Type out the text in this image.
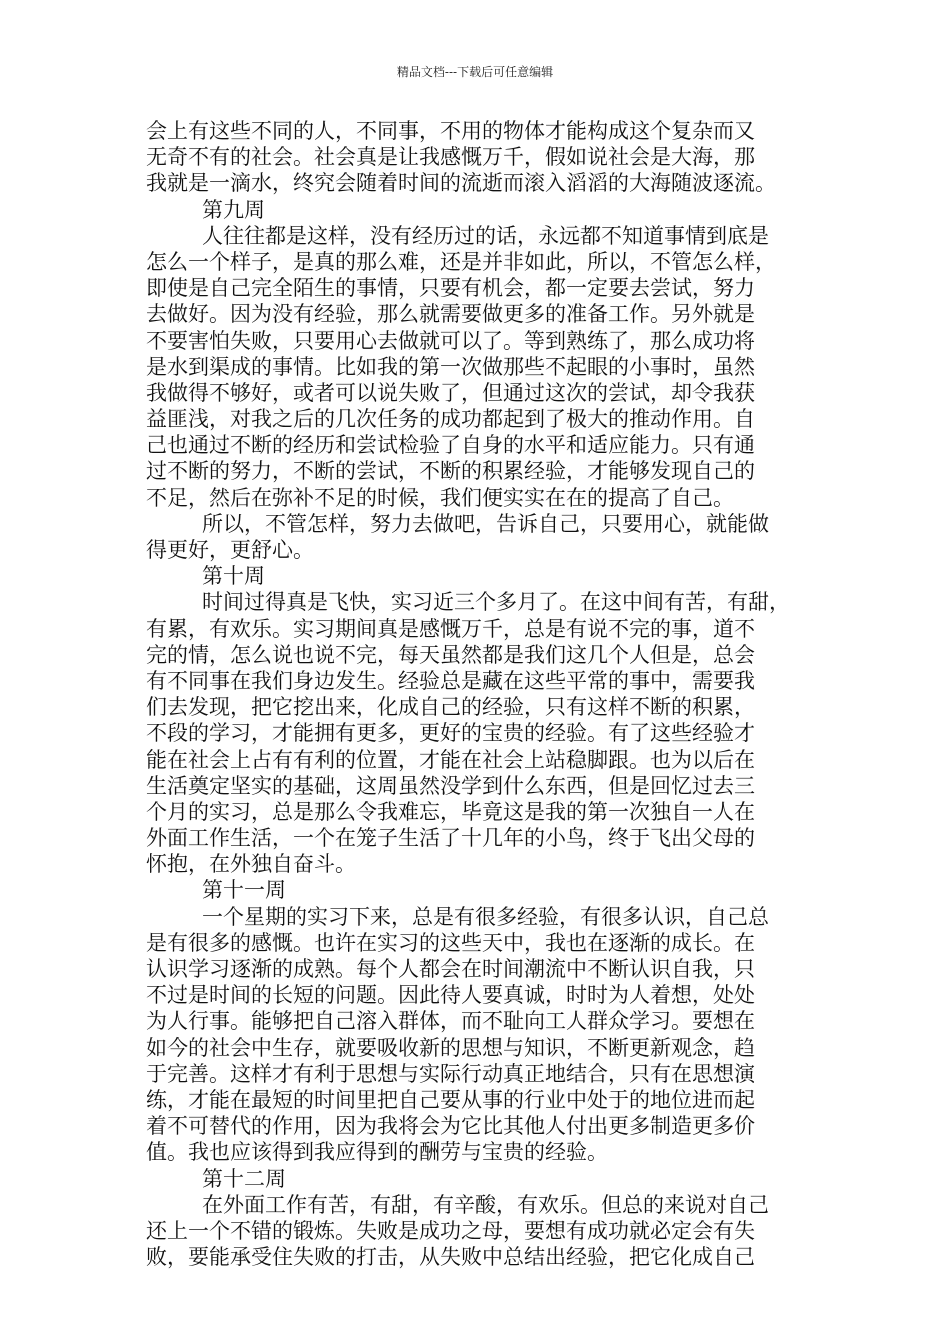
精品文档---下载后可任意编辑
会上有这些不同的人，不同事，不用的物体才能构成这个复杂而又
无奇不有的社会。社会真是让我感慨万千，假如说社会是大海，那
我就是一滴水，终究会随着时间的流逝而滚入滔滔的大海随波逐流。
第九周
人往往都是这样，没有经历过的话，永远都不知道事情到底是
怎么一个样子，是真的那么难，还是并非如此，所以，不管怎么样，
即使是自己完全陌生的事情，只要有机会，都一定要去尝试，努力
去做好。因为没有经验，那么就需要做更多的准备工作。另外就是
不要害怕失败，只要用心去做就可以了。等到熟练了，那么成功将
是水到渠成的事情。比如我的第一次做那些不起眼的小事时，虽然
我做得不够好，或者可以说失败了，但通过这次的尝试，却令我获
益匪浅，对我之后的几次任务的成功都起到了极大的推动作用。自
己也通过不断的经历和尝试检验了自身的水平和适应能力。只有通
过不断的努力，不断的尝试，不断的积累经验，才能够发现自己的
不足，然后在弥补不足的时候，我们便实实在在的提高了自己。
所以，不管怎样，努力去做吧，告诉自己，只要用心，就能做
得更好，更舒心。
第十周
时间过得真是飞快，实习近三个多月了。在这中间有苦，有甜，
有累，有欢乐。实习期间真是感慨万千，总是有说不完的事，道不
完的情，怎么说也说不完，每天虽然都是我们这几个人但是，总会
有不同事在我们身边发生。经验总是藏在这些平常的事中，需要我
们去发现，把它挖出来，化成自己的经验，只有这样不断的积累，
不段的学习，才能拥有更多，更好的宝贵的经验。有了这些经验才
能在社会上占有有利的位置，才能在社会上站稳脚跟。也为以后在
生活奠定坚实的基础，这周虽然没学到什么东西，但是回忆过去三
个月的实习，总是那么令我难忘，毕竟这是我的第一次独自一人在
外面工作生活，一个在笼子生活了十几年的小鸟，终于飞出父母的
怀抱，在外独自奋斗。
第十一周
一个星期的实习下来，总是有很多经验，有很多认识，自己总
是有很多的感慨。也许在实习的这些天中，我也在逐渐的成长。在
认识学习逐渐的成熟。每个人都会在时间潮流中不断认识自我，只
不过是时间的长短的问题。因此待人要真诚，时时为人着想，处处
为人行事。能够把自己溶入群体，而不耻向工人群众学习。要想在
如今的社会中生存，就要吸收新的思想与知识，不断更新观念，趋
于完善。这样才有利于思想与实际行动真正地结合，只有在思想演
练，才能在最短的时间里把自己要从事的行业中处于的地位进而起
着不可替代的作用，因为我将会为它比其他人付出更多制造更多价
值。我也应该得到我应得到的酬劳与宝贵的经验。
第十二周
在外面工作有苦，有甜，有辛酸，有欢乐。但总的来说对自己
还上一个不错的锻炼。失败是成功之母，要想有成功就必定会有失
败，要能承受住失败的打击，从失败中总结出经验，把它化成自己
